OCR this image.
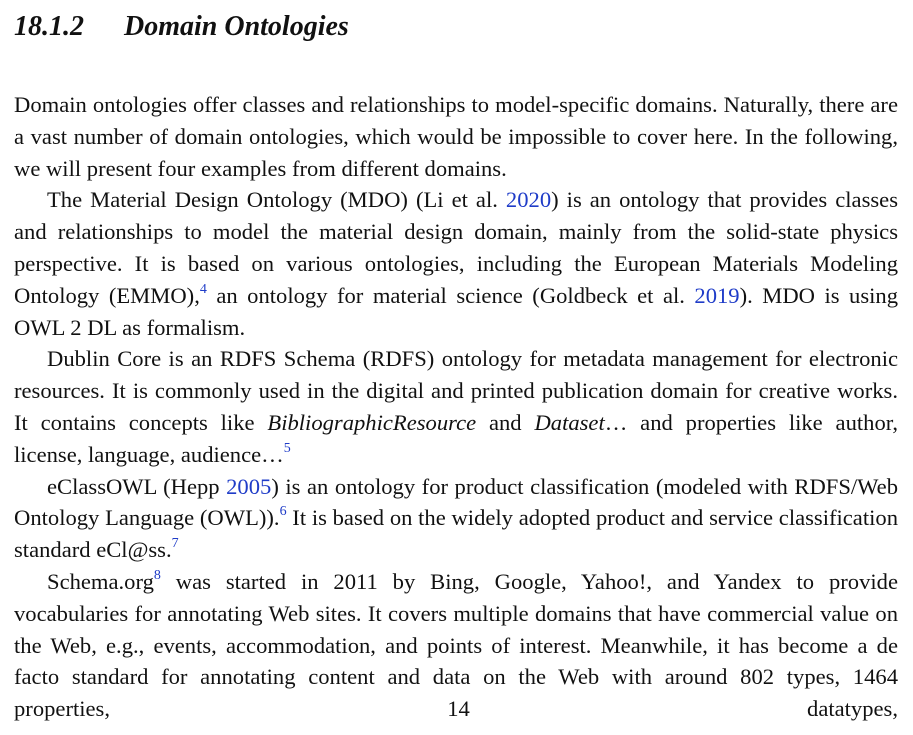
18.1.2 Domain Ontologies

Domain ontologies offer classes and relationships to model-specific domains. Naturally, there are a vast number of domain ontologies, which would be impossible to cover here. In the following, we will present four examples from different domains.

The Material Design Ontology (MDO) (Li et al. 2020) is an ontology that provides classes and relationships to model the material design domain, mainly from the solid-state physics perspective. It is based on various ontologies, including the European Materials Modeling Ontology (EMMO),$^4$ an ontology for material science (Goldbeck et al. 2019). MDO is using OWL 2 DL as formalism.

Dublin Core is an RDFS Schema (RDFS) ontology for metadata management for electronic resources. It is commonly used in the digital and printed publication domain for creative works. It contains concepts like BibliographicResource and Dataset… and properties like author, license, language, audience…$^5$

eClassOWL (Hepp 2005) is an ontology for product classification (modeled with RDFS/Web Ontology Language (OWL)).$^6$ It is based on the widely adopted product and service classification standard eCl@ss.$^7$

Schema.org$^8$ was started in 2011 by Bing, Google, Yahoo!, and Yandex to provide vocabularies for annotating Web sites. It covers multiple domains that have commercial value on the Web, e.g., events, accommodation, and points of interest. Meanwhile, it has become a de facto standard for annotating content and data on the Web with around 802 types, 1464 properties, 14 datatypes,
